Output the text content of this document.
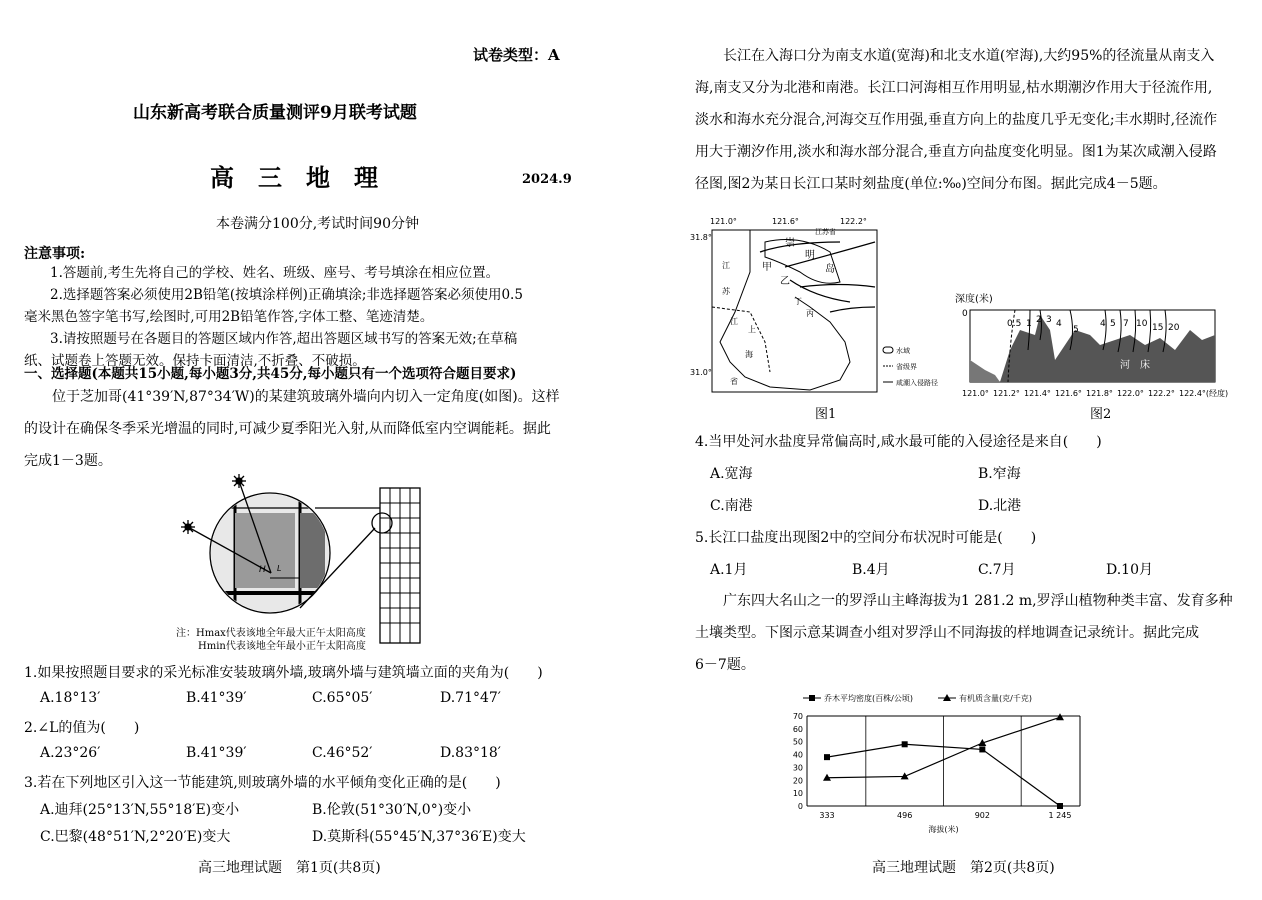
试卷类型：A
山东新高考联合质量测评9月联考试题
高　三　地　理	2024.9
本卷满分100分,考试时间90分钟
注意事项:
1.答题前,考生先将自己的学校、姓名、班级、座号、考号填涂在相应位置。
2.选择题答案必须使用2B铅笔(按填涂样例)正确填涂;非选择题答案必须使用0.5
毫米黑色签字笔书写,绘图时,可用2B铅笔作答,字体工整、笔迹清楚。
3.请按照题号在各题目的答题区域内作答,超出答题区域书写的答案无效;在草稿
纸、试题卷上答题无效。保持卡面清洁,不折叠、不破损。
一、选择题(本题共15小题,每小题3分,共45分,每小题只有一个选项符合题目要求)
位于芝加哥(41°39′N,87°34′W)的某建筑玻璃外墙向内切入一定角度(如图)。这样
的设计在确保冬季采光增温的同时,可减少夏季阳光入射,从而降低室内空调能耗。据此
完成1－3题。
H L
注：Hmax代表该地全年最大正午太阳高度
Hmin代表该地全年最小正午太阳高度
1.如果按照题目要求的采光标准安装玻璃外墙,玻璃外墙与建筑墙立面的夹角为(　　)
A.18°13′	B.41°39′	C.65°05′	D.71°47′
2.∠L的值为(　　)
A.23°26′	B.41°39′	C.46°52′	D.83°18′
3.若在下列地区引入这一节能建筑,则玻璃外墙的水平倾角变化正确的是(　　)
A.迪拜(25°13′N,55°18′E)变小	B.伦敦(51°30′N,0°)变小
C.巴黎(48°51′N,2°20′E)变大	D.莫斯科(55°45′N,37°36′E)变大
高三地理试题　第1页(共8页)
长江在入海口分为南支水道(宽海)和北支水道(窄海),大约95%的径流量从南支入
海,南支又分为北港和南港。长江口河海相互作用明显,枯水期潮汐作用大于径流作用,
淡水和海水充分混合,河海交互作用强,垂直方向上的盐度几乎无变化;丰水期时,径流作
用大于潮汐作用,淡水和海水部分混合,垂直方向盐度变化明显。图1为某次咸潮入侵路
径图,图2为某日长江口某时刻盐度(单位:‰)空间分布图。据此完成4－5题。
121.0°	121.6°	122.2°
31.8°
31.0°
崇
明
岛
江苏省
甲
乙
江
苏
上
海
江
丁
丙
省
水域
省级界
咸潮入侵路径
图1
深度(米)
0
0.5 1 2 3 4
5
4 5 7 10 15 20
河　床
121.0° 121.2° 121.4° 121.6° 121.8° 122.0° 122.2° 122.4°(经度)
图2
4.当甲处河水盐度异常偏高时,咸水最可能的入侵途径是来自(　　)
A.宽海	B.窄海
C.南港	D.北港
5.长江口盐度出现图2中的空间分布状况时可能是(　　)
A.1月	B.4月	C.7月	D.10月
广东四大名山之一的罗浮山主峰海拔为1 281.2 m,罗浮山植物种类丰富、发育多种
土壤类型。下图示意某调查小组对罗浮山不同海拔的样地调查记录统计。据此完成
6－7题。
0
10
20
30
40
50
60
70
333	496	902	1 245
海拔(米)
乔木平均密度(百株/公顷)	有机质含量(克/千克)
高三地理试题　第2页(共8页)
